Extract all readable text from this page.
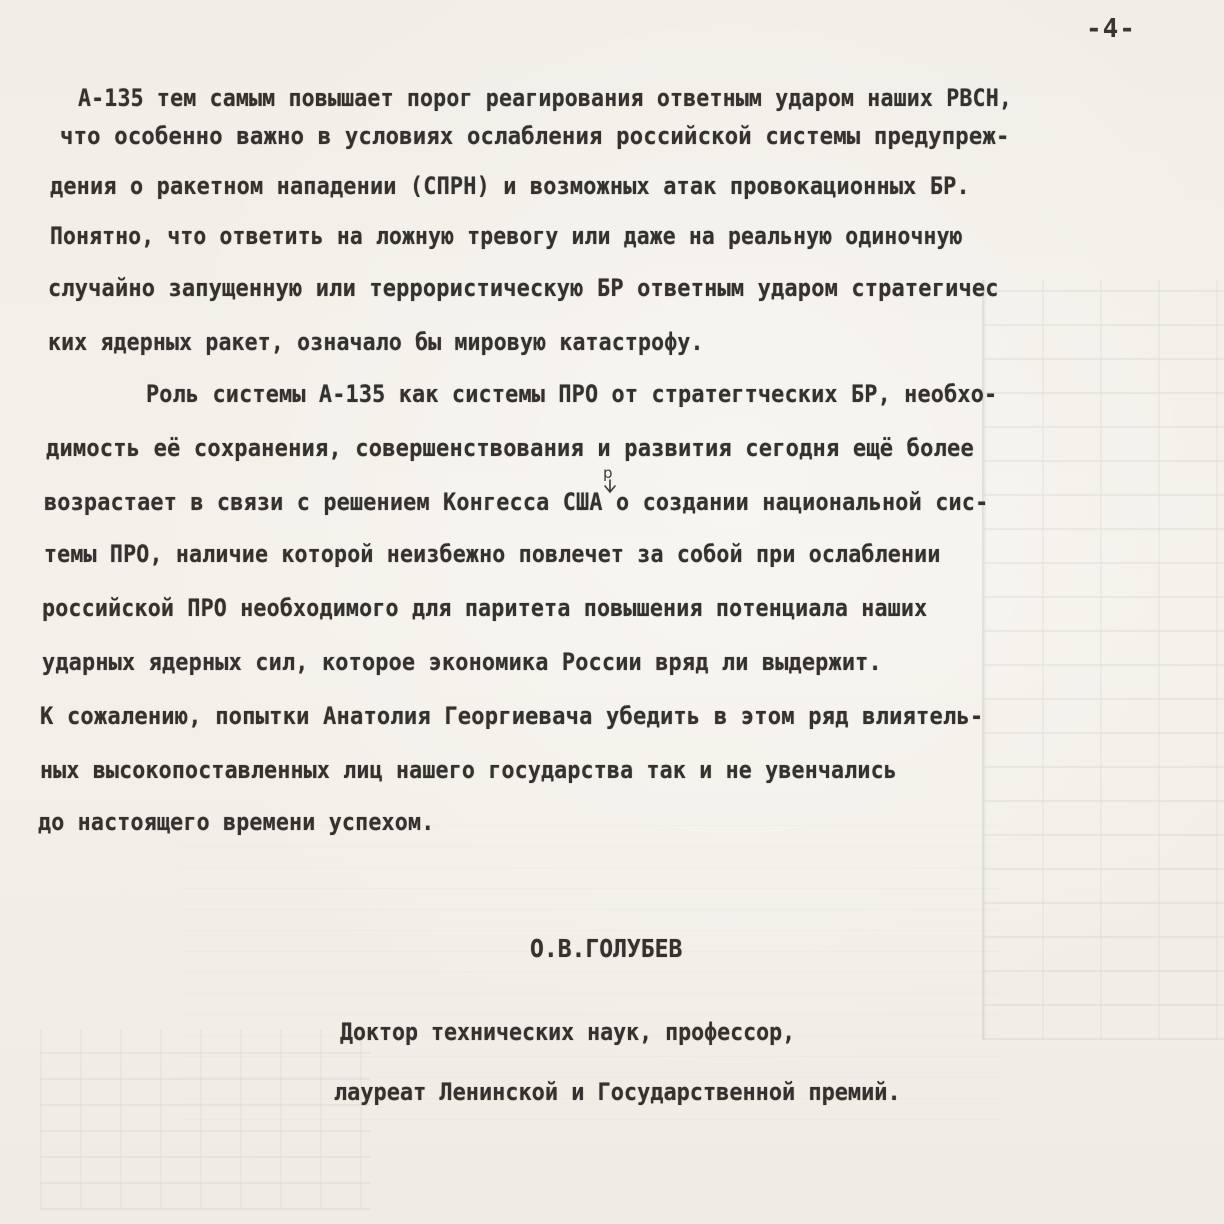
-4-
А-135 тем самым повышает порог реагирования ответным ударом наших РВСН,
что особенно важно в условиях ослабления российской системы предупреж-
дения о ракетном нападении (СПРН) и возможных атак провокационных БР.
Понятно, что ответить на ложную тревогу или даже на реальную одиночную
случайно запущенную или террористическую БР ответным ударом стратегичес
ких ядерных ракет, означало бы мировую катастрофу.
Роль системы А-135 как системы ПРО от стратегтческих БР, необхо-
димость её сохранения, совершенствования и развития сегодня ещё более
возрастает в связи с решением Конгесса США о создании национальной сис-
темы ПРО, наличие которой неизбежно повлечет за собой при ослаблении
российской ПРО необходимого для паритета повышения потенциала наших
ударных ядерных сил, которое экономика России вряд ли выдержит.
К сожалению, попытки Анатолия Георгиевача убедить в этом ряд влиятель-
ных высокопоставленных лиц нашего государства так и не увенчались
до настоящего времени успехом.
р
О.В.ГОЛУБЕВ
Доктор технических наук, профессор,
лауреат Ленинской и Государственной премий.
